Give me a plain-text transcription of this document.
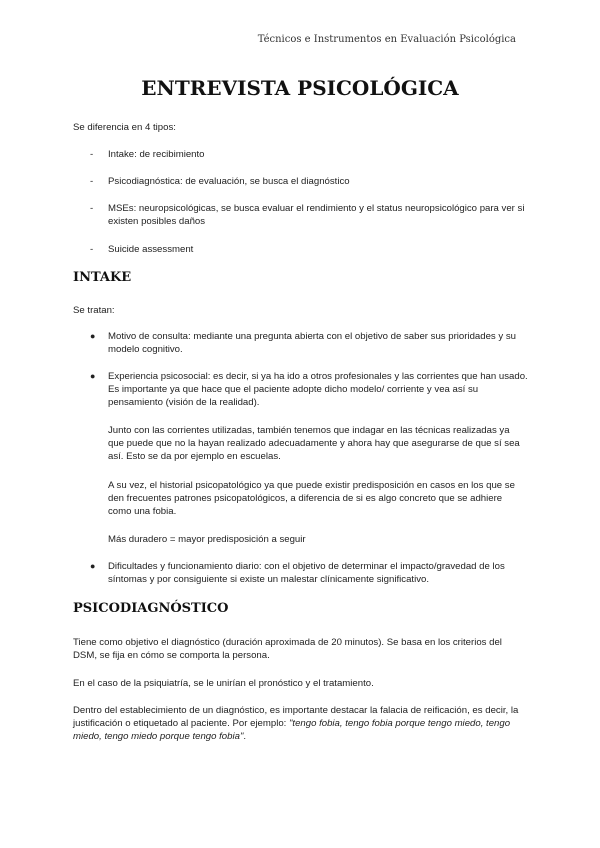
Técnicos e Instrumentos en Evaluación Psicológica
ENTREVISTA PSICOLÓGICA

Se diferencia en 4 tipos:

- Intake: de recibimiento
- Psicodiagnóstica: de evaluación, se busca el diagnóstico
- MSEs: neuropsicológicas, se busca evaluar el rendimiento y el status neuropsicológico para ver si existen posibles daños
- Suicide assessment
INTAKE

Se tratan:

● Motivo de consulta: mediante una pregunta abierta con el objetivo de saber sus prioridades y su modelo cognitivo.
● Experiencia psicosocial: es decir, si ya ha ido a otros profesionales y las corrientes que han usado. Es importante ya que hace que el paciente adopte dicho modelo/ corriente y vea así su pensamiento (visión de la realidad).

Junto con las corrientes utilizadas, también tenemos que indagar en las técnicas realizadas ya que puede que no la hayan realizado adecuadamente y ahora hay que asegurarse de que sí sea así. Esto se da por ejemplo en escuelas.

A su vez, el historial psicopatológico ya que puede existir predisposición en casos en los que se den frecuentes patrones psicopatológicos, a diferencia de si es algo concreto que se adhiere como una fobia.

Más duradero = mayor predisposición a seguir

● Dificultades y funcionamiento diario: con el objetivo de determinar el impacto/gravedad de los síntomas y por consiguiente si existe un malestar clínicamente significativo.
PSICODIAGNÓSTICO

Tiene como objetivo el diagnóstico (duración aproximada de 20 minutos). Se basa en los criterios del DSM, se fija en cómo se comporta la persona.

En el caso de la psiquiatría, se le unirían el pronóstico y el tratamiento.

Dentro del establecimiento de un diagnóstico, es importante destacar la falacia de reificación, es decir, la justificación o etiquetado al paciente. Por ejemplo: "tengo fobia, tengo fobia porque tengo miedo, tengo miedo, tengo miedo porque tengo fobia".
